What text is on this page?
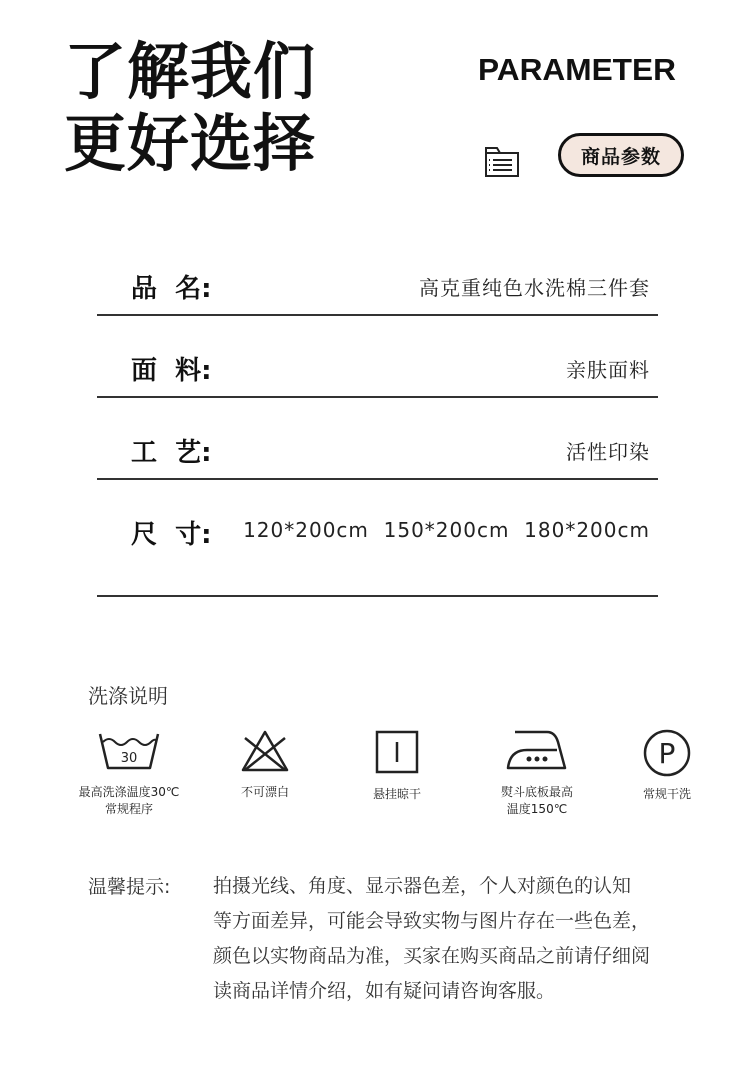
了解我们
更好选择
PARAMETER
商品参数
品  名:	高克重纯色水洗棉三件套
面  料:	亲肤面料
工  艺:	活性印染
尺  寸: 120*200cm  150*200cm  180*200cm
洗涤说明
30
最高洗涤温度30℃
常规程序
不可漂白	悬挂晾干	熨斗底板最高
温度150℃
P
常规干洗
温馨提示: 拍摄光线、角度、显示器色差，个人对颜色的认知
等方面差异，可能会导致实物与图片存在一些色差，
颜色以实物商品为准，买家在购买商品之前请仔细阅
读商品详情介绍，如有疑问请咨询客服。
